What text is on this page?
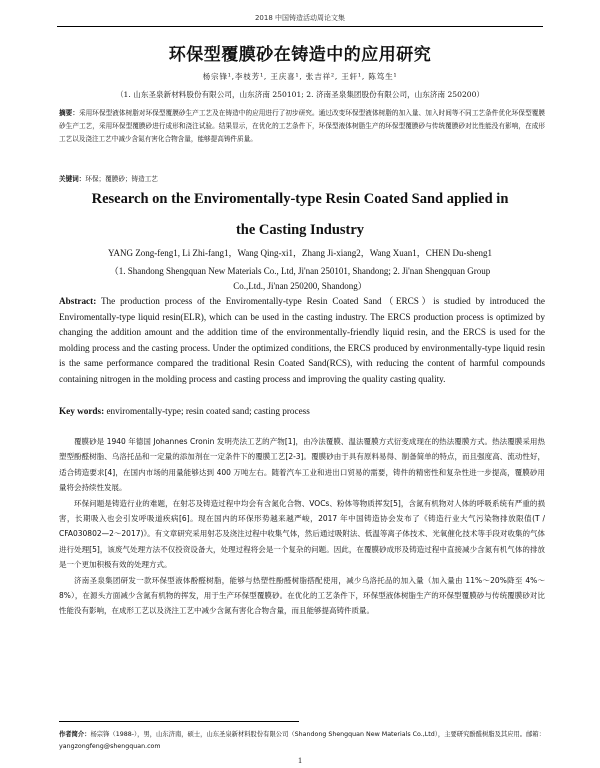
2018 中国铸造活动周论文集
环保型覆膜砂在铸造中的应用研究
杨宗锋¹,李枝芳¹, 王庆喜¹, 张吉祥², 王轩¹, 陈笃生¹
（1. 山东圣泉新材料股份有限公司，山东济南 250101; 2. 济南圣泉集团股份有限公司，山东济南 250200）
摘要：采用环保型液体树脂对环保型覆膜砂生产工艺及在铸造中的应用进行了初步研究。通过改变环保型液体树脂的加入量、加入时间等不同工艺条件优化环保型覆膜砂生产工艺，采用环保型覆膜砂进行成形和浇注试验。结果显示，在优化的工艺条件下，环保型液体树脂生产的环保型覆膜砂与传统覆膜砂对比性能没有影响，在成形工艺以及浇注工艺中减少含氮有害化合物含量，能够提高铸件质量。
关键词：环保；覆膜砂；铸造工艺
Research on the Enviromentally-type Resin Coated Sand applied in
the Casting Industry
YANG Zong-feng1, Li Zhi-fang1，Wang Qing-xi1，Zhang Ji-xiang2，Wang Xuan1，CHEN Du-sheng1
（1. Shandong Shengquan New Materials Co., Ltd, Ji'nan 250101, Shandong; 2. Ji'nan Shengquan Group
Co.,Ltd., Ji'nan 250200, Shandong）
Abstract: The production process of the Enviromentally-type Resin Coated Sand（ERCS）is studied by introduced the Enviromentally-type liquid resin(ELR), which can be used in the casting industry. The ERCS production process is optimized by changing the addition amount and the addition time of the environmentally-friendly liquid resin, and the ERCS is used for the molding process and the casting process. Under the optimized conditions, the ERCS produced by environmentally-type liquid resin is the same performance compared the traditional Resin Coated Sand(RCS), with reducing the content of harmful compounds containing nitrogen in the molding process and casting process and improving the quality casting quality.
Key words: enviromentally-type; resin coated sand; casting process

覆膜砂是 1940 年德国 Johannes Cronin 发明壳法工艺的产物[1]，由冷法覆膜、温法覆膜方式衍变成现在的热法覆膜方式。热法覆膜采用热塑型酚醛树脂、乌洛托品和一定量的添加剂在一定条件下的覆膜工艺[2-3]。覆膜砂由于具有原料易得、制备简单的特点，而且强度高、流动性好，适合铸造要求[4]，在国内市场的用量能够达到 400 万吨左右。随着汽车工业和进出口贸易的需要，铸件的精密性和复杂性进一步提高，覆膜砂用量将会持续性发展。

环保问题是铸造行业的难题，在射芯及铸造过程中均会有含氮化合物、VOCs、粉体等物质挥发[5]，含氮有机物对人体的呼吸系统有严重的损害，长期吸入也会引发呼吸道疾病[6]。现在国内的环保形势越来越严峻，2017 年中国铸造协会发布了《铸造行业大气污染物排放限值(T / CFA030802—2～2017)》。有文章研究采用射芯及浇注过程中收集气体，然后通过吸附法、低温等离子体技术、光氧催化技术等手段对收集的气体进行处理[5]，该废气处理方法不仅投资设备大，处理过程将会是一个复杂的问题。因此，在覆膜砂成形及铸造过程中直接减少含氮有机气体的排放是一个更加积极有效的处理方式。

济南圣泉集团研发一款环保型液体酚醛树脂，能够与热塑性酚醛树脂搭配使用，减少乌洛托品的加入量（加入量由 11%～20%降至 4%～8%），在源头方面减少含氮有机物的挥发，用于生产环保型覆膜砂。在优化的工艺条件下，环保型液体树脂生产的环保型覆膜砂与传统覆膜砂对比性能没有影响，在成形工艺以及浇注工艺中减少含氮有害化合物含量，而且能够提高铸件质量。

作者简介：杨宗锋（1988-），男，山东济南，硕士，山东圣泉新材料股份有限公司（Shandong Shengquan New Materials Co.,Ltd），主要研究酚醛树脂及其应用。邮箱：yangzongfeng@shengquan.com
1
